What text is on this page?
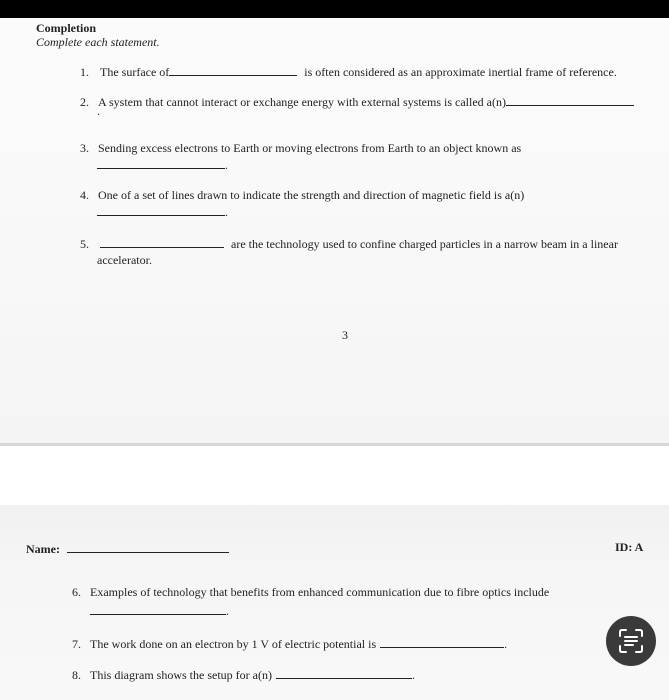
Completion
Complete each statement.
1. The surface of	is often considered as an approximate inertial frame of reference.
2. A system that cannot interact or exchange energy with external systems is called a(n)
·
3. Sending excess electrons to Earth or moving electrons from Earth to an object known as
.
4. One of a set of lines drawn to indicate the strength and direction of magnetic field is a(n)
.
5.	are the technology used to confine charged particles in a narrow beam in a linear
accelerator.
3
Name:	ID: A
6. Examples of technology that benefits from enhanced communication due to fibre optics include
.
7. The work done on an electron by 1 V of electric potential is	.
8. This diagram shows the setup for a(n)	.
